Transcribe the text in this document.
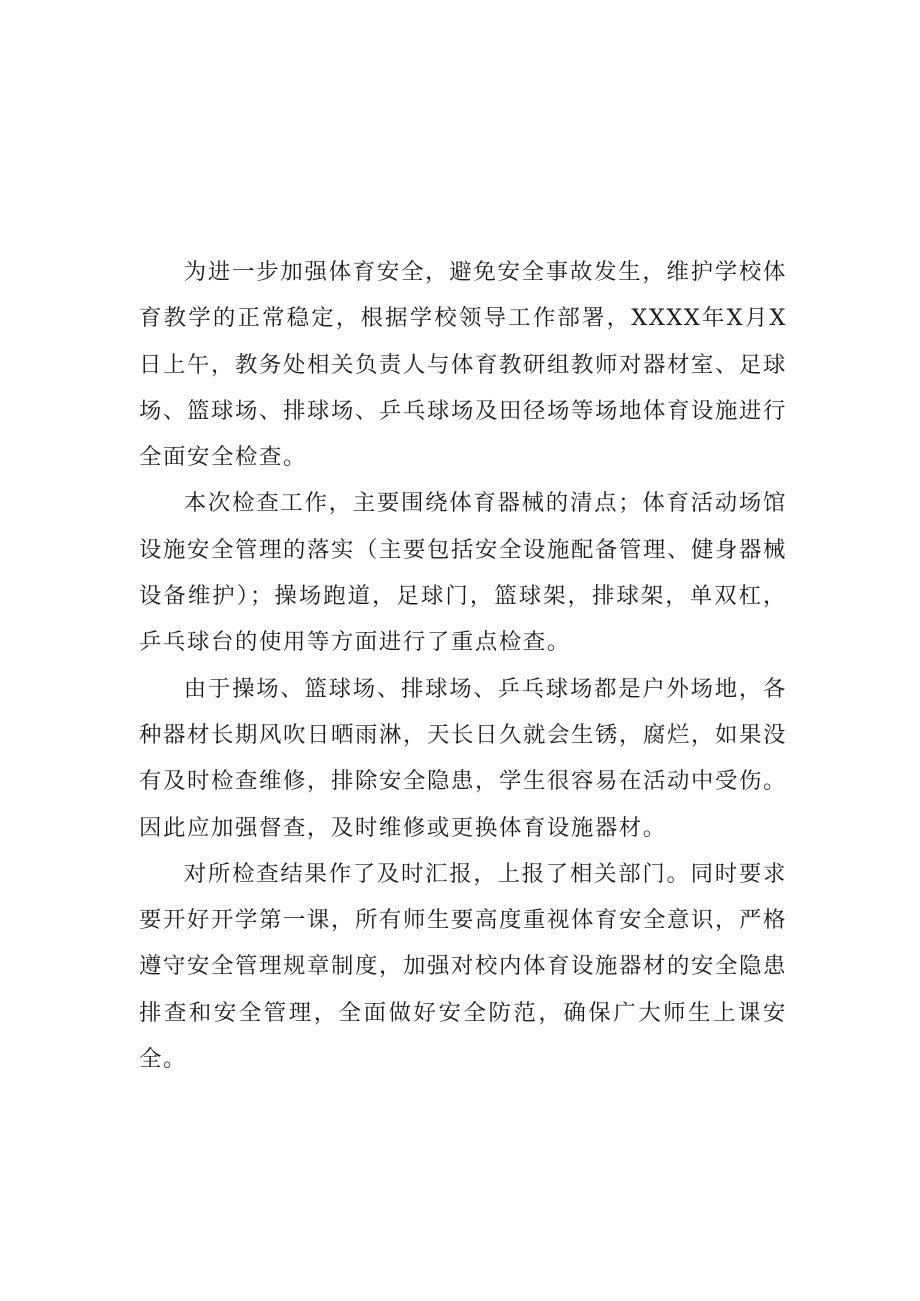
为进一步加强体育安全，避免安全事故发生，维护学校体育教学的正常稳定，根据学校领导工作部署，XXXX年X月X日上午，教务处相关负责人与体育教研组教师对器材室、足球场、篮球场、排球场、乒乓球场及田径场等场地体育设施进行全面安全检查。

本次检查工作，主要围绕体育器械的清点；体育活动场馆设施安全管理的落实（主要包括安全设施配备管理、健身器械设备维护）；操场跑道，足球门，篮球架，排球架，单双杠，乒乓球台的使用等方面进行了重点检查。

由于操场、篮球场、排球场、乒乓球场都是户外场地，各种器材长期风吹日晒雨淋，天长日久就会生锈，腐烂，如果没有及时检查维修，排除安全隐患，学生很容易在活动中受伤。因此应加强督查，及时维修或更换体育设施器材。

对所检查结果作了及时汇报，上报了相关部门。同时要求要开好开学第一课，所有师生要高度重视体育安全意识，严格遵守安全管理规章制度，加强对校内体育设施器材的安全隐患排查和安全管理，全面做好安全防范，确保广大师生上课安全。
